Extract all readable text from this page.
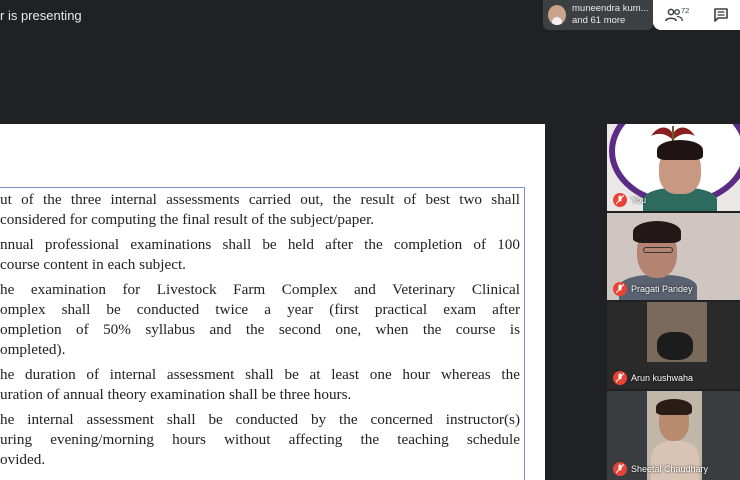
r is presenting	muneendra kum...
and 61 more
72
ut of the three internal assessments carried out, the result of best two shall
considered for computing the final result of the subject/paper.
nnual professional examinations shall be held after the completion of 100
course content in each subject.
he examination for Livestock Farm Complex and Veterinary Clinical
omplex shall be conducted twice a year (first practical exam after
ompletion of 50% syllabus and the second one, when the course is
ompleted).
he duration of internal assessment shall be at least one hour whereas the
uration of annual theory examination shall be three hours.
he internal assessment shall be conducted by the concerned instructor(s)
uring evening/morning hours without affecting the teaching schedule
ovided.
You
Pragati Pandey
Arun kushwaha
Sheetal Chaudhary
